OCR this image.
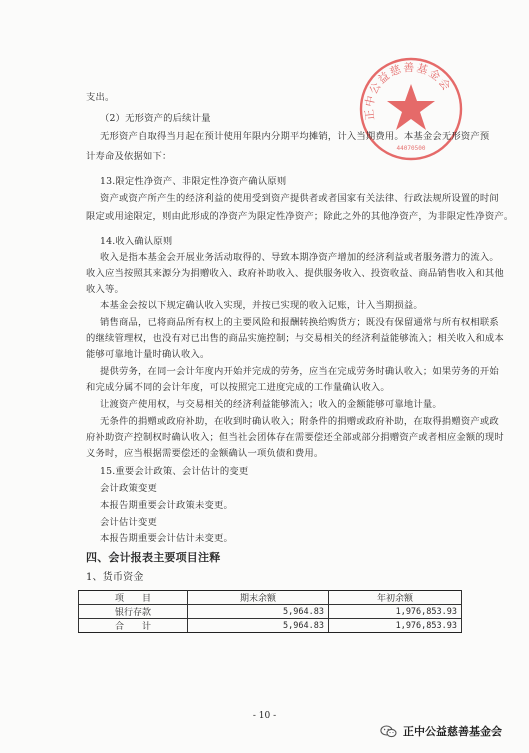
正中公益慈善基金会
44070500
支出。
（2）无形资产的后续计量
无形资产自取得当月起在预计使用年限内分期平均摊销，计入当期费用。本基金会无形资产预
计寿命及依据如下：
13.限定性净资产、非限定性净资产确认原则
资产或资产所产生的经济利益的使用受到资产提供者或者国家有关法律、行政法规所设置的时间
限定或用途限定，则由此形成的净资产为限定性净资产；除此之外的其他净资产，为非限定性净资产。
14.收入确认原则
收入是指本基金会开展业务活动取得的、导致本期净资产增加的经济利益或者服务潜力的流入。
收入应当按照其来源分为捐赠收入、政府补助收入、提供服务收入、投资收益、商品销售收入和其他
收入等。
本基金会按以下规定确认收入实现，并按已实现的收入记账，计入当期损益。
销售商品，已将商品所有权上的主要风险和报酬转换给购货方；既没有保留通常与所有权相联系
的继续管理权，也没有对已出售的商品实施控制；与交易相关的经济利益能够流入；相关收入和成本
能够可靠地计量时确认收入。
提供劳务，在同一会计年度内开始并完成的劳务，应当在完成劳务时确认收入；如果劳务的开始
和完成分属不同的会计年度，可以按照完工进度完成的工作量确认收入。
让渡资产使用权，与交易相关的经济利益能够流入；收入的金额能够可靠地计量。
无条件的捐赠或政府补助，在收到时确认收入；附条件的捐赠或政府补助，在取得捐赠资产或政
府补助资产控制权时确认收入；但当社会团体存在需要偿还全部或部分捐赠资产或者相应金额的现时
义务时，应当根据需要偿还的金额确认一项负债和费用。
15.重要会计政策、会计估计的变更
会计政策变更
本报告期重要会计政策未变更。
会计估计变更
本报告期重要会计估计未变更。
四、会计报表主要项目注释
1、货币资金
项　　目	期末余额	年初余额
银行存款	5,964.83	1,976,853.93
合　　计	5,964.83	1,976,853.93
- 10 -
正中公益慈善基金会
